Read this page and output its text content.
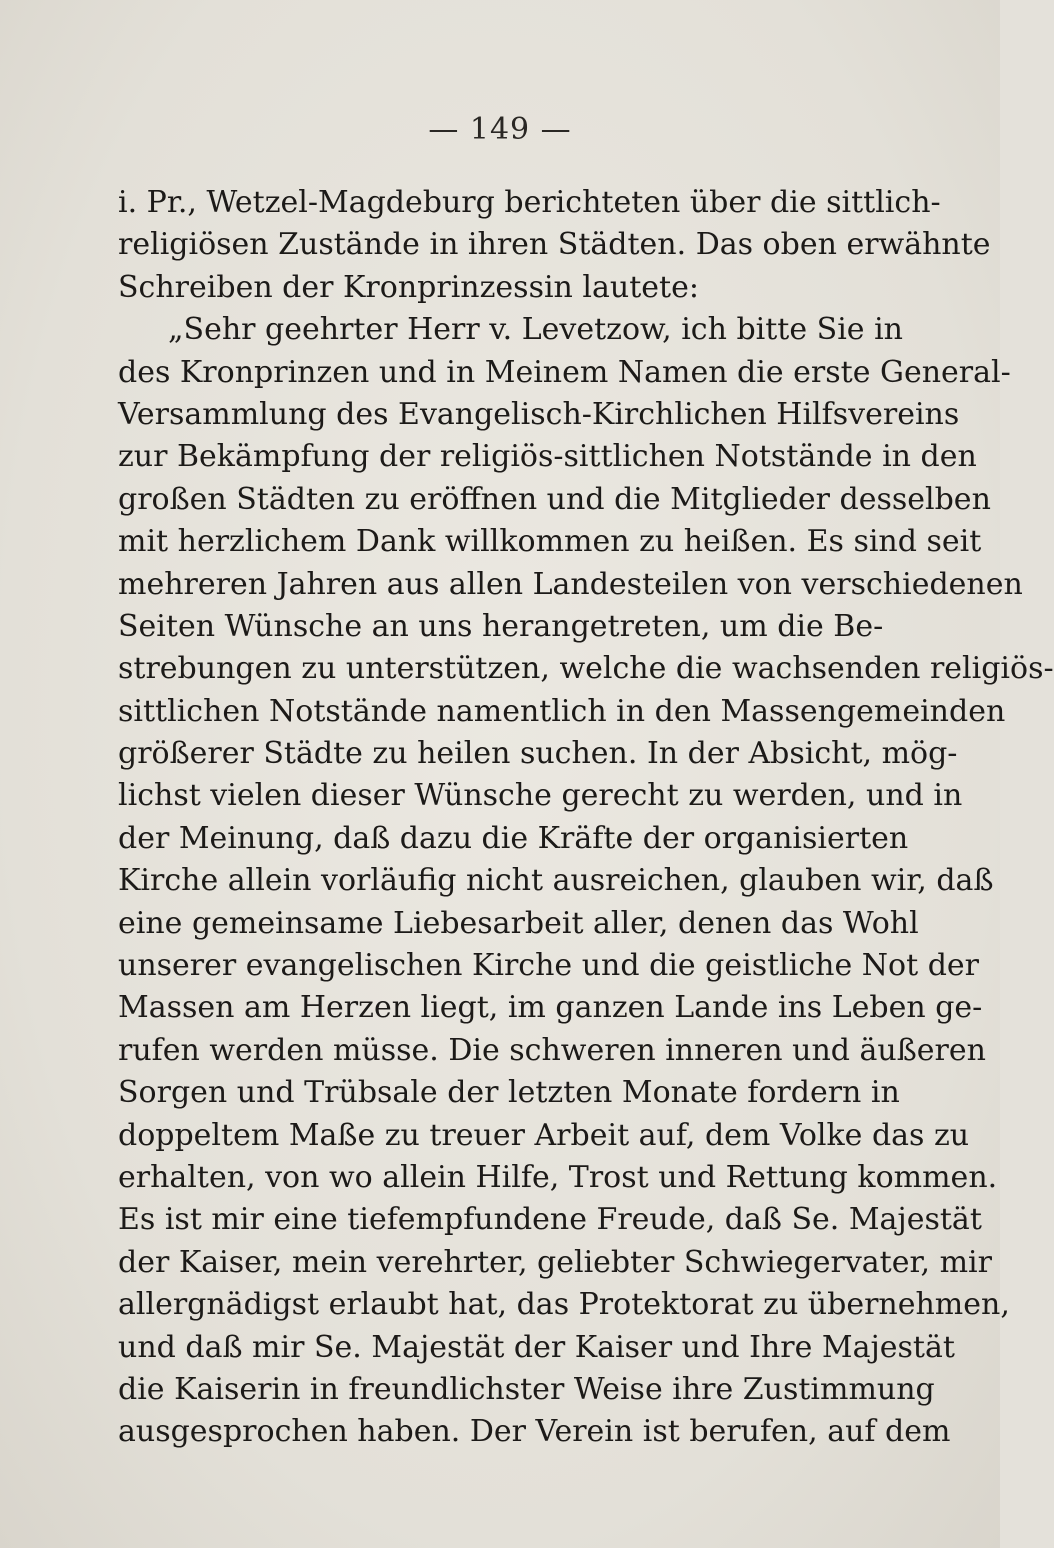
— 149 —
i. Pr., Wetzel-Magdeburg berichteten über die sittlich-
religiösen Zustände in ihren Städten. Das oben erwähnte
Schreiben der Kronprinzessin lautete:
„Sehr geehrter Herr v. Levetzow, ich bitte Sie in
des Kronprinzen und in Meinem Namen die erste General-
Versammlung des Evangelisch-Kirchlichen Hilfsvereins
zur Bekämpfung der religiös-sittlichen Notstände in den
großen Städten zu eröffnen und die Mitglieder desselben
mit herzlichem Dank willkommen zu heißen. Es sind seit
mehreren Jahren aus allen Landesteilen von verschiedenen
Seiten Wünsche an uns herangetreten, um die Be-
strebungen zu unterstützen, welche die wachsenden religiös-
sittlichen Notstände namentlich in den Massengemeinden
größerer Städte zu heilen suchen. In der Absicht, mög-
lichst vielen dieser Wünsche gerecht zu werden, und in
der Meinung, daß dazu die Kräfte der organisierten
Kirche allein vorläufig nicht ausreichen, glauben wir, daß
eine gemeinsame Liebesarbeit aller, denen das Wohl
unserer evangelischen Kirche und die geistliche Not der
Massen am Herzen liegt, im ganzen Lande ins Leben ge-
rufen werden müsse. Die schweren inneren und äußeren
Sorgen und Trübsale der letzten Monate fordern in
doppeltem Maße zu treuer Arbeit auf, dem Volke das zu
erhalten, von wo allein Hilfe, Trost und Rettung kommen.
Es ist mir eine tiefempfundene Freude, daß Se. Majestät
der Kaiser, mein verehrter, geliebter Schwiegervater, mir
allergnädigst erlaubt hat, das Protektorat zu übernehmen,
und daß mir Se. Majestät der Kaiser und Ihre Majestät
die Kaiserin in freundlichster Weise ihre Zustimmung
ausgesprochen haben. Der Verein ist berufen, auf dem
